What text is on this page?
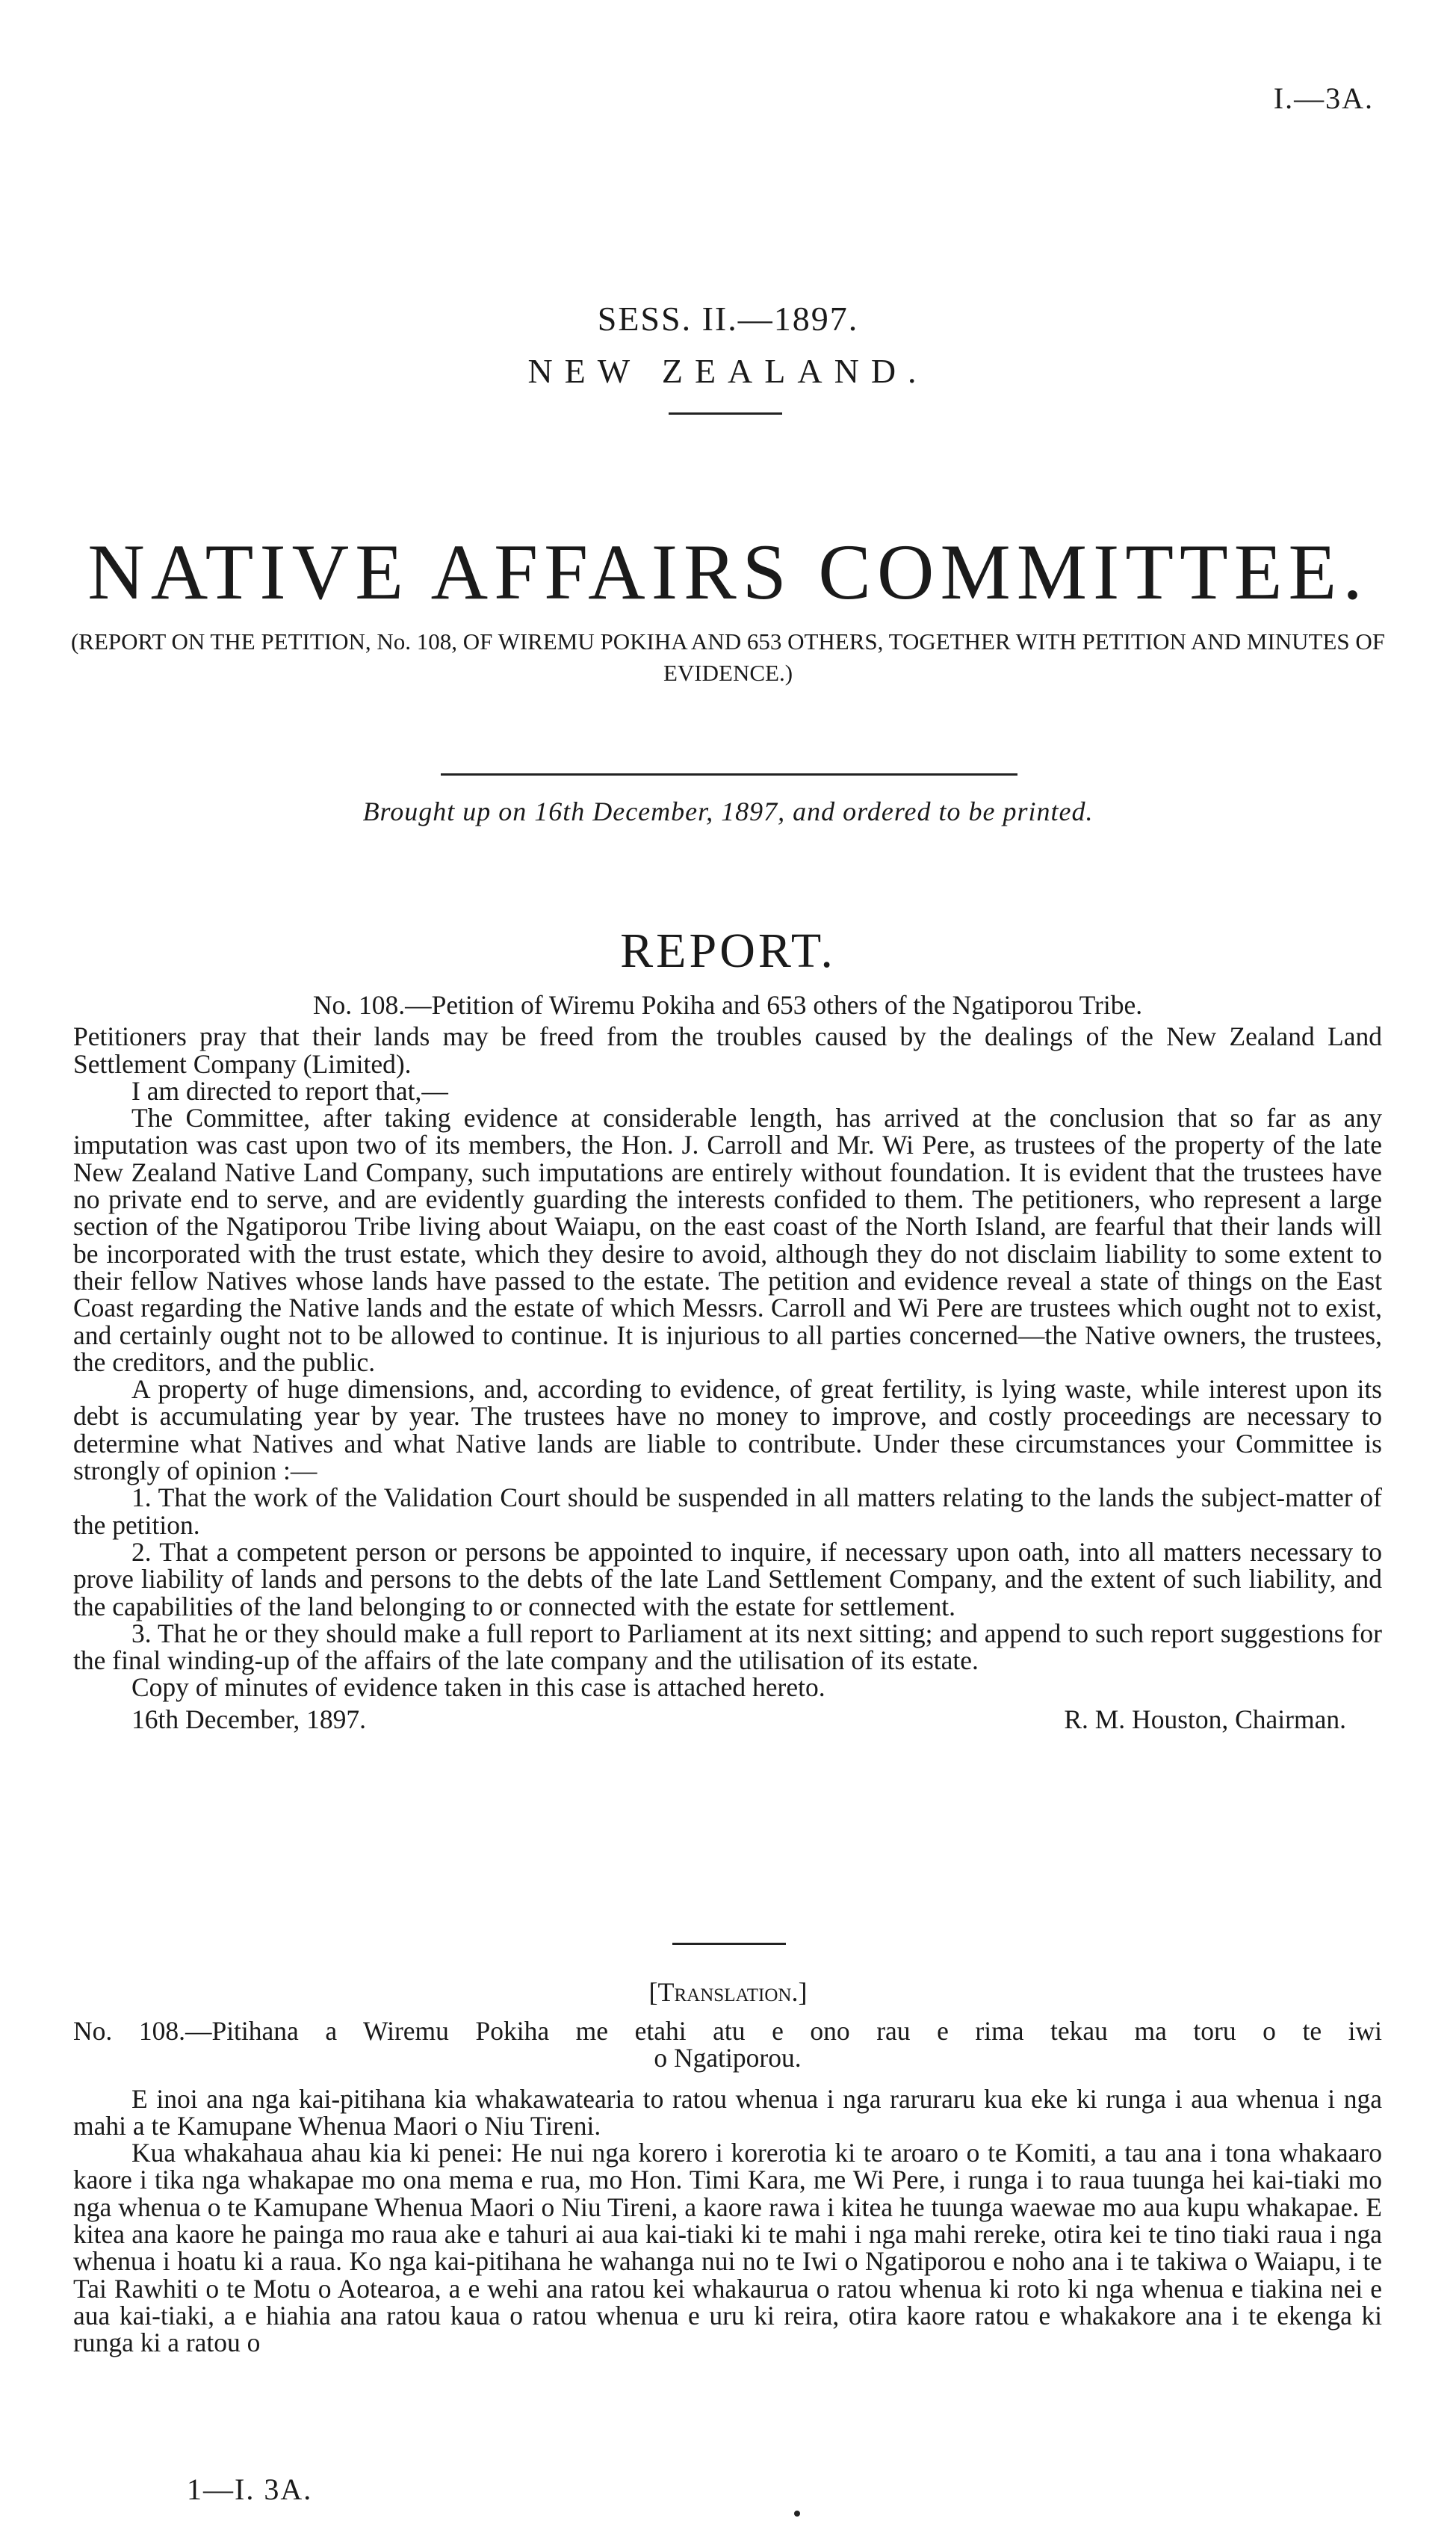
I.—3A.
SESS. II.—1897.
NEW ZEALAND.
NATIVE AFFAIRS COMMITTEE.
(REPORT ON THE PETITION, No. 108, OF WIREMU POKIHA AND 653 OTHERS, TOGETHER WITH PETITION AND MINUTES OF EVIDENCE.)
Brought up on 16th December, 1897, and ordered to be printed.
REPORT.

No. 108.—Petition of Wiremu Pokiha and 653 others of the Ngatiporou Tribe.

Petitioners pray that their lands may be freed from the troubles caused by the dealings of the New Zealand Land Settlement Company (Limited).

I am directed to report that,—

The Committee, after taking evidence at considerable length, has arrived at the conclusion that so far as any imputation was cast upon two of its members, the Hon. J. Carroll and Mr. Wi Pere, as trustees of the property of the late New Zealand Native Land Company, such imputations are entirely without foundation. It is evident that the trustees have no private end to serve, and are evidently guarding the interests confided to them. The petitioners, who represent a large section of the Ngatiporou Tribe living about Waiapu, on the east coast of the North Island, are fearful that their lands will be incorporated with the trust estate, which they desire to avoid, although they do not disclaim liability to some extent to their fellow Natives whose lands have passed to the estate. The petition and evidence reveal a state of things on the East Coast regarding the Native lands and the estate of which Messrs. Carroll and Wi Pere are trustees which ought not to exist, and certainly ought not to be allowed to continue. It is injurious to all parties concerned—the Native owners, the trustees, the creditors, and the public.

A property of huge dimensions, and, according to evidence, of great fertility, is lying waste, while interest upon its debt is accumulating year by year. The trustees have no money to improve, and costly proceedings are necessary to determine what Natives and what Native lands are liable to contribute. Under these circumstances your Committee is strongly of opinion :—

1. That the work of the Validation Court should be suspended in all matters relating to the lands the subject-matter of the petition.

2. That a competent person or persons be appointed to inquire, if necessary upon oath, into all matters necessary to prove liability of lands and persons to the debts of the late Land Settlement Company, and the extent of such liability, and the capabilities of the land belonging to or connected with the estate for settlement.

3. That he or they should make a full report to Parliament at its next sitting; and append to such report suggestions for the final winding-up of the affairs of the late company and the utilisation of its estate.

Copy of minutes of evidence taken in this case is attached hereto.

16th December, 1897.	R. M. Houston, Chairman.
[Translation.]

No. 108.—Pitihana a Wiremu Pokiha me etahi atu e ono rau e rima tekau ma toru o te iwi

o Ngatiporou.

E inoi ana nga kai-pitihana kia whakawatearia to ratou whenua i nga raruraru kua eke ki runga i aua whenua i nga mahi a te Kamupane Whenua Maori o Niu Tireni.

Kua whakahaua ahau kia ki penei: He nui nga korero i korerotia ki te aroaro o te Komiti, a tau ana i tona whakaaro kaore i tika nga whakapae mo ona mema e rua, mo Hon. Timi Kara, me Wi Pere, i runga i to raua tuunga hei kai-tiaki mo nga whenua o te Kamupane Whenua Maori o Niu Tireni, a kaore rawa i kitea he tuunga waewae mo aua kupu whakapae. E kitea ana kaore he painga mo raua ake e tahuri ai aua kai-tiaki ki te mahi i nga mahi rereke, otira kei te tino tiaki raua i nga whenua i hoatu ki a raua. Ko nga kai-pitihana he wahanga nui no te Iwi o Ngatiporou e noho ana i te takiwa o Waiapu, i te Tai Rawhiti o te Motu o Aotearoa, a e wehi ana ratou kei whakaurua o ratou whenua ki roto ki nga whenua e tiakina nei e aua kai-tiaki, a e hiahia ana ratou kaua o ratou whenua e uru ki reira, otira kaore ratou e whakakore ana i te ekenga ki runga ki a ratou o

1—I. 3A.
